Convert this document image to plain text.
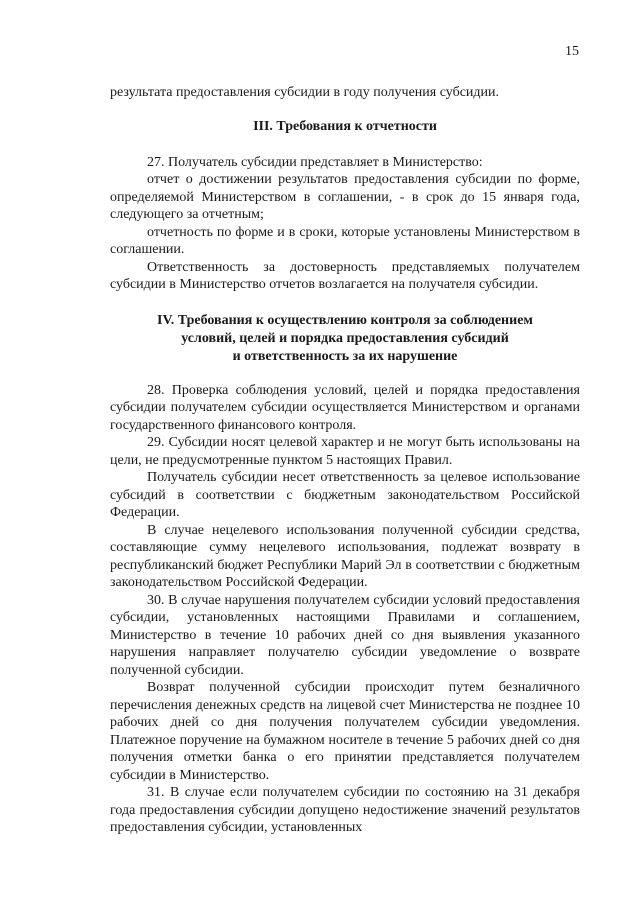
15

результата предоставления субсидии в году получения субсидии.

III. Требования к отчетности

27. Получатель субсидии представляет в Министерство:

отчет о достижении результатов предоставления субсидии по форме, определяемой Министерством в соглашении, - в срок до 15 января года, следующего за отчетным;

отчетность по форме и в сроки, которые установлены Министерством в соглашении.

Ответственность за достоверность представляемых получателем субсидии в Министерство отчетов возлагается на получателя субсидии.

IV. Требования к осуществлению контроля за соблюдением
условий, целей и порядка предоставления субсидий
и ответственность за их нарушение

28. Проверка соблюдения условий, целей и порядка предоставления субсидии получателем субсидии осуществляется Министерством и органами государственного финансового контроля.

29. Субсидии носят целевой характер и не могут быть использованы на цели, не предусмотренные пунктом 5 настоящих Правил.

Получатель субсидии несет ответственность за целевое использование субсидий в соответствии с бюджетным законодательством Российской Федерации.

В случае нецелевого использования полученной субсидии средства, составляющие сумму нецелевого использования, подлежат возврату в республиканский бюджет Республики Марий Эл в соответствии с бюджетным законодательством Российской Федерации.

30. В случае нарушения получателем субсидии условий предоставления субсидии, установленных настоящими Правилами и соглашением, Министерство в течение 10 рабочих дней со дня выявления указанного нарушения направляет получателю субсидии уведомление о возврате полученной субсидии.

Возврат полученной субсидии происходит путем безналичного перечисления денежных средств на лицевой счет Министерства не позднее 10 рабочих дней со дня получения получателем субсидии уведомления. Платежное поручение на бумажном носителе в течение 5 рабочих дней со дня получения отметки банка о его принятии представляется получателем субсидии в Министерство.

31. В случае если получателем субсидии по состоянию на 31 декабря года предоставления субсидии допущено недостижение значений результатов предоставления субсидии, установленных
